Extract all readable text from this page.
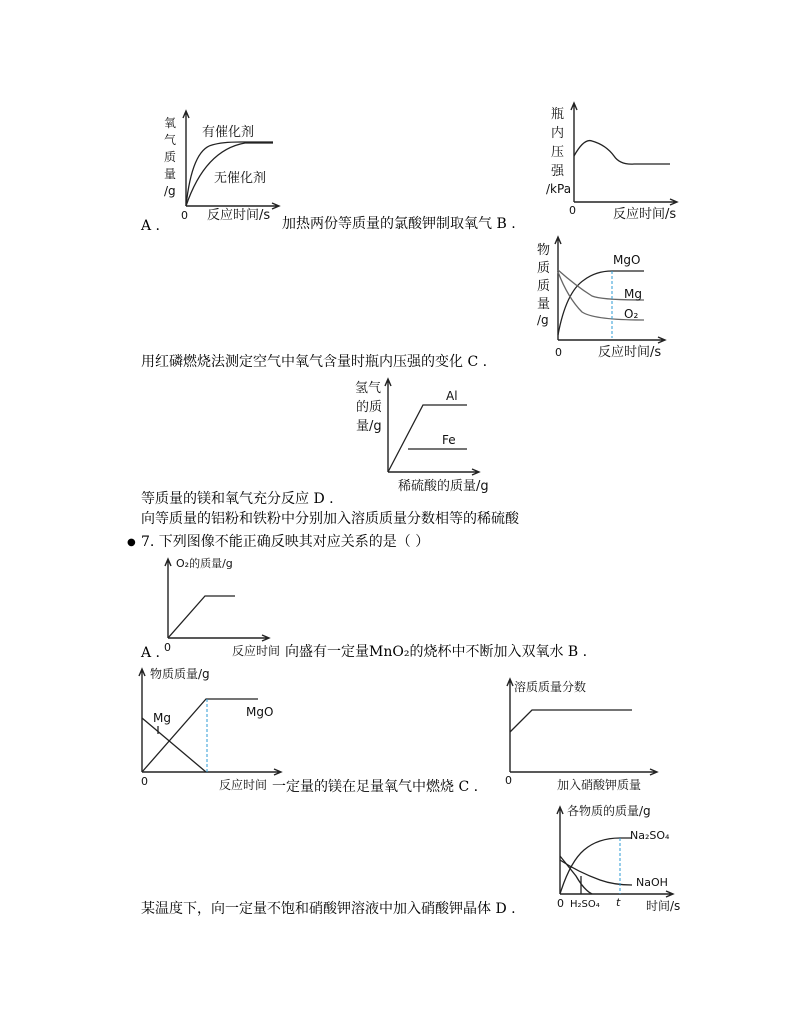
0 反应时间/s
有催化剂
无催化剂
氧
气
质
量
/g
0	反应时间/s
瓶
内
压
强
/kPa
A .	加热两份等质量的氯酸钾制取氧气 B .
MgO
Mg
O₂
0	反应时间/s
物
质
质
量
/g
用红磷燃烧法测定空气中氧气含量时瓶内压强的变化 C .
Al
Fe
稀硫酸的质量/g
氢气
的质
量/g
等质量的镁和氧气充分反应 D .
向等质量的铝粉和铁粉中分别加入溶质质量分数相等的稀硫酸
● 7. 下列图像不能正确反映其对应关系的是（ ）
O₂的质量/g
0	反应时间
A .	向盛有一定量MnO₂的烧杯中不断加入双氧水 B .
物质质量/g
Mg	MgO
0	反应时间 一定量的镁在足量氧气中燃烧 C .
溶质质量分数
0	加入硝酸钾质量
各物质的质量/g
Na₂SO₄
NaOH
0 H₂SO₄ t 时间/s
某温度下，向一定量不饱和硝酸钾溶液中加入硝酸钾晶体 D .
